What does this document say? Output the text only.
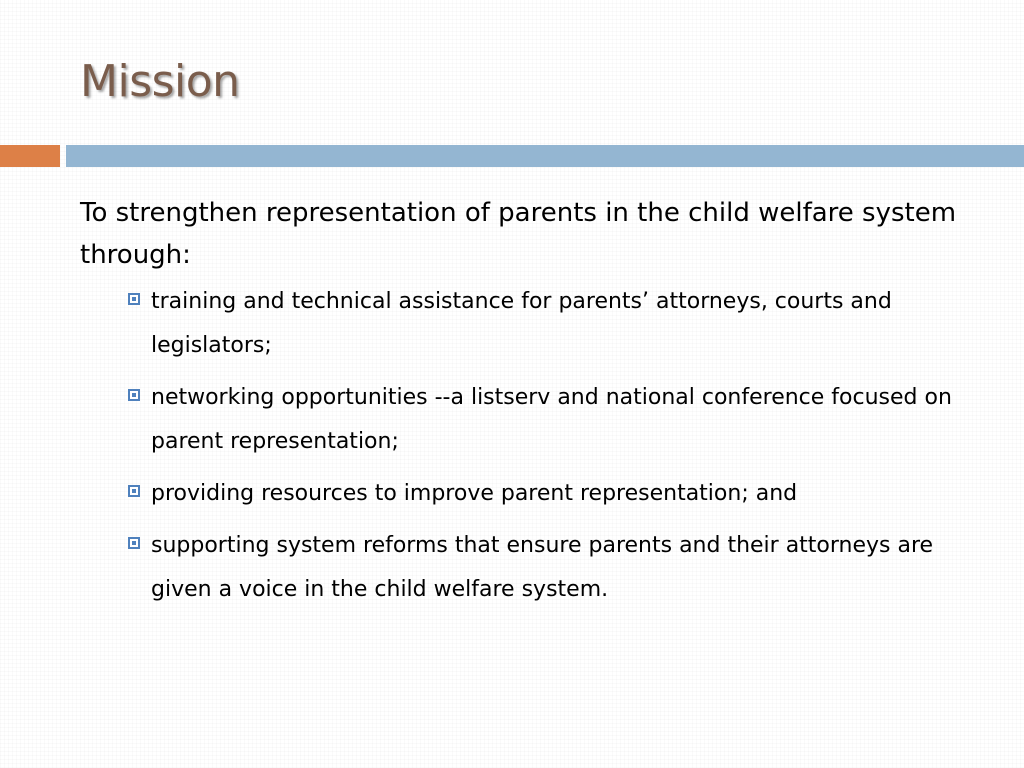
Mission

To strengthen representation of parents in the child welfare system through:

training and technical assistance for parents’ attorneys, courts and legislators;
networking opportunities --a listserv and national conference focused on parent representation;
providing resources to improve parent representation; and
supporting system reforms that ensure parents and their attorneys are given a voice in the child welfare system.
